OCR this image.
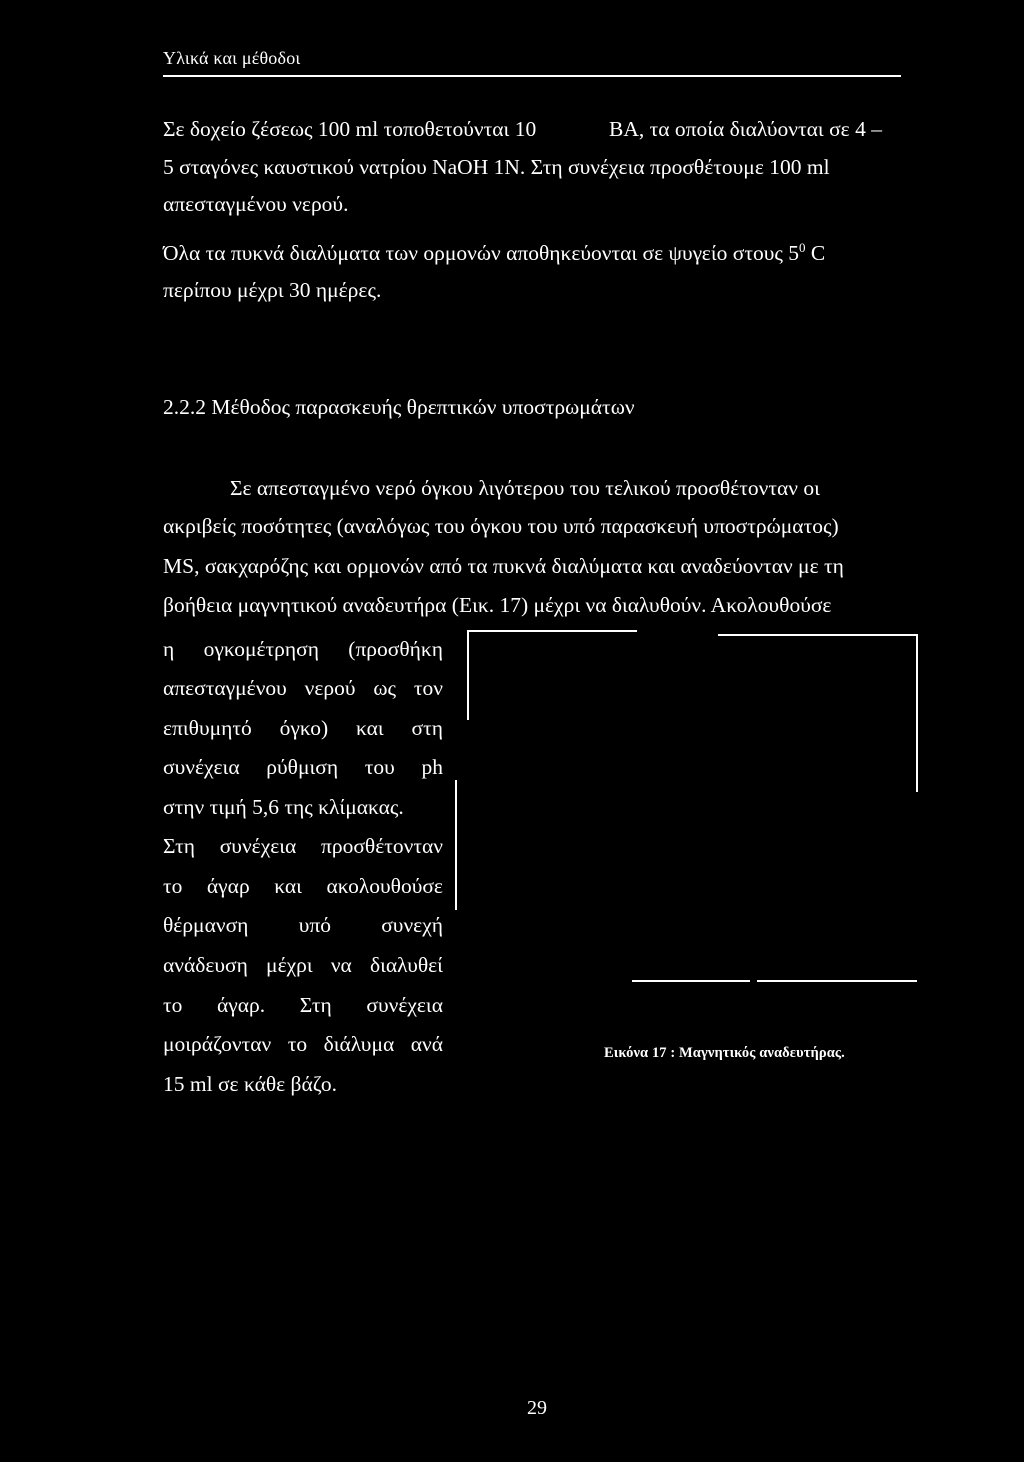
Υλικά και μέθοδοι
Σε δοχείο ζέσεως 100 ml τοποθετούνται 10	ΒΑ, τα οποία διαλύονται σε 4 –
5 σταγόνες καυστικού νατρίου NaOH 1N. Στη συνέχεια προσθέτουμε 100 ml
απεσταγμένου νερού.
Όλα τα πυκνά διαλύματα των ορμονών αποθηκεύονται σε ψυγείο στους $5^0$ C
περίπου μέχρι 30 ημέρες.
2.2.2 Μέθοδος παρασκευής θρεπτικών υποστρωμάτων
Σε απεσταγμένο νερό όγκου λιγότερου του τελικού προσθέτονταν οι
ακριβείς ποσότητες (αναλόγως του όγκου του υπό παρασκευή υποστρώματος)
MS, σακχαρόζης και ορμονών από τα πυκνά διαλύματα και αναδεύονταν με τη
βοήθεια μαγνητικού αναδευτήρα (Εικ. 17) μέχρι να διαλυθούν. Ακολουθούσε
η ογκομέτρηση (προσθήκη
απεσταγμένου νερού ως τον
επιθυμητό όγκο) και στη
συνέχεια ρύθμιση του ph
στην τιμή 5,6 της κλίμακας.
Στη συνέχεια προσθέτονταν
το άγαρ και ακολουθούσε
θέρμανση υπό συνεχή
ανάδευση μέχρι να διαλυθεί
το άγαρ. Στη συνέχεια
μοιράζονταν το διάλυμα ανά
15 ml σε κάθε βάζο.
Εικόνα 17 : Μαγνητικός αναδευτήρας.
29
